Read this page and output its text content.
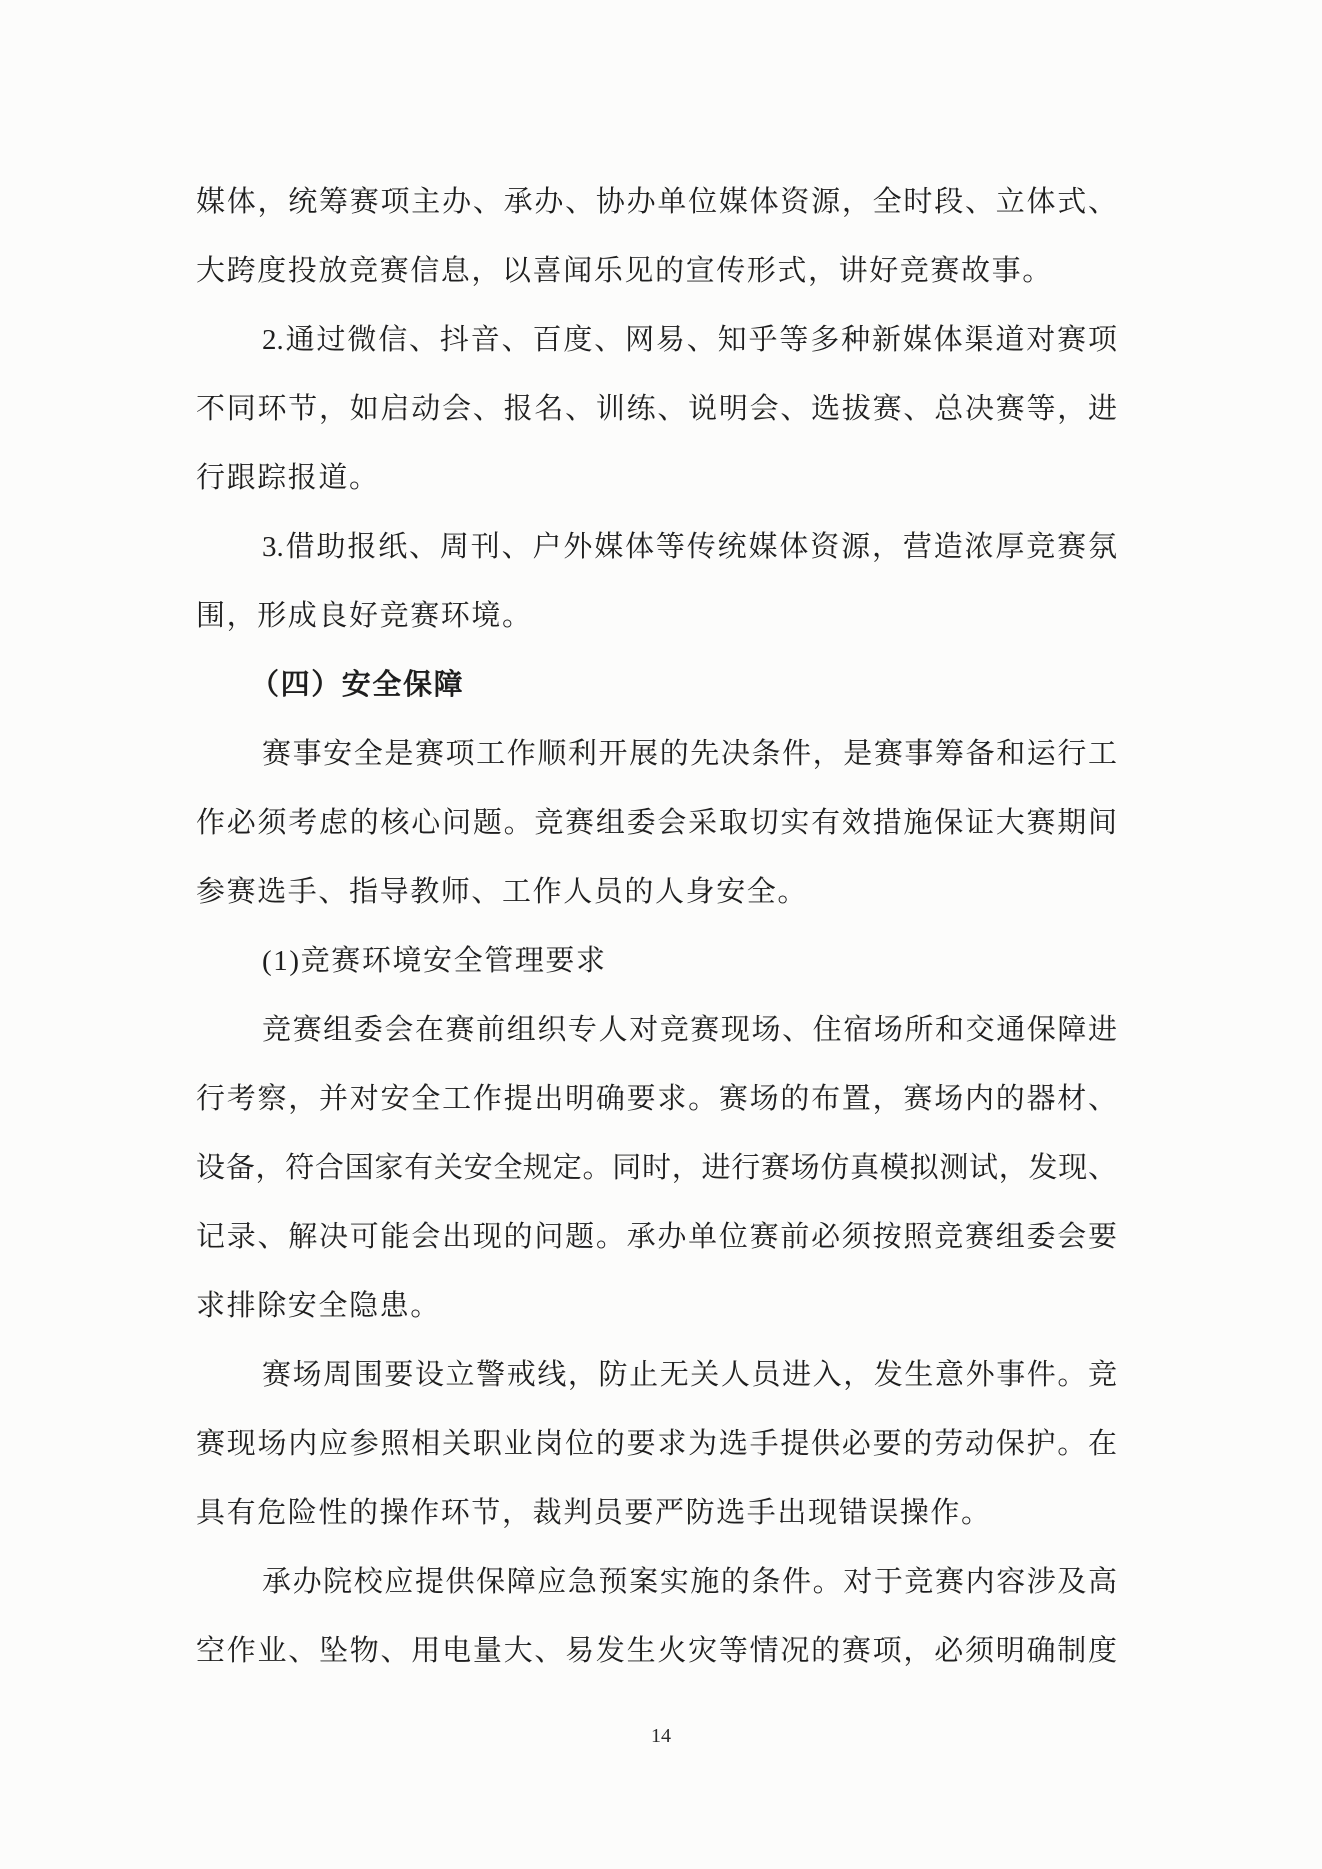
媒体，统筹赛项主办、承办、协办单位媒体资源，全时段、立体式、
大跨度投放竞赛信息，以喜闻乐见的宣传形式，讲好竞赛故事。
2.通过微信、抖音、百度、网易、知乎等多种新媒体渠道对赛项
不同环节，如启动会、报名、训练、说明会、选拔赛、总决赛等，进
行跟踪报道。
3.借助报纸、周刊、户外媒体等传统媒体资源，营造浓厚竞赛氛
围，形成良好竞赛环境。
（四）安全保障
赛事安全是赛项工作顺利开展的先决条件，是赛事筹备和运行工
作必须考虑的核心问题。竞赛组委会采取切实有效措施保证大赛期间
参赛选手、指导教师、工作人员的人身安全。
(1)竞赛环境安全管理要求
竞赛组委会在赛前组织专人对竞赛现场、住宿场所和交通保障进
行考察，并对安全工作提出明确要求。赛场的布置，赛场内的器材、
设备，符合国家有关安全规定。同时，进行赛场仿真模拟测试，发现、
记录、解决可能会出现的问题。承办单位赛前必须按照竞赛组委会要
求排除安全隐患。
赛场周围要设立警戒线，防止无关人员进入，发生意外事件。竞
赛现场内应参照相关职业岗位的要求为选手提供必要的劳动保护。在
具有危险性的操作环节，裁判员要严防选手出现错误操作。
承办院校应提供保障应急预案实施的条件。对于竞赛内容涉及高
空作业、坠物、用电量大、易发生火灾等情况的赛项，必须明确制度
14
